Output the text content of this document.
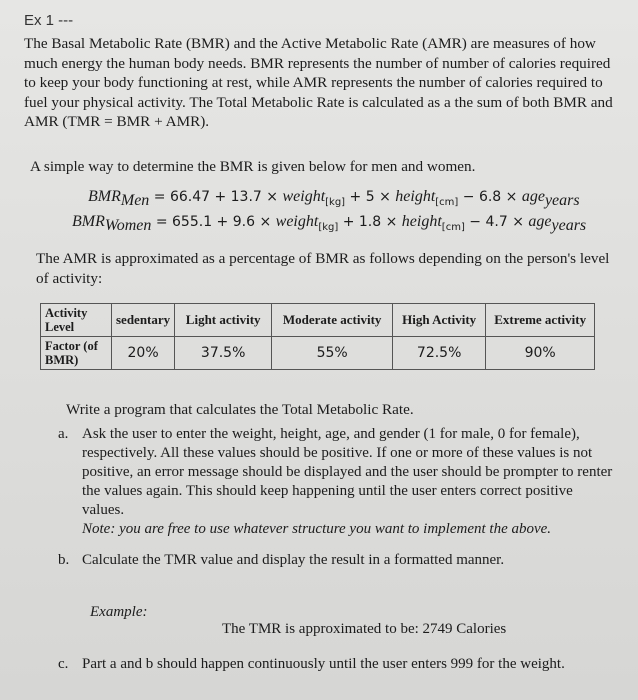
Ex 1 ---
The Basal Metabolic Rate (BMR) and the Active Metabolic Rate (AMR) are measures of how much energy the human body needs. BMR represents the number of number of calories required to keep your body functioning at rest, while AMR represents the number of calories required to fuel your physical activity. The Total Metabolic Rate is calculated as a the sum of both BMR and AMR (TMR = BMR + AMR).
A simple way to determine the BMR is given below for men and women.
$BMR_{Men} = 66.47 + 13.7$ × weight$_{[kg]}$ + 5 × height$_{[cm]}$ − 6.8 × age$_{years}$
$BMR_{Women} = 655.1 + 9.6$ × weight$_{[kg]}$ + 1.8 × height$_{[cm]}$ − 4.7 × age$_{years}$
The AMR is approximated as a percentage of BMR as follows depending on the person's level of activity:
Activity Level	sedentary	Light activity	Moderate activity	High Activity	Extreme activity
Factor (of BMR)	20%	37.5%	55%	72.5%	90%
Write a program that calculates the Total Metabolic Rate.
a. Ask the user to enter the weight, height, age, and gender (1 for male, 0 for female), respectively. All these values should be positive. If one or more of these values is not positive, an error message should be displayed and the user should be prompter to renter the values again. This should keep happening until the user enters correct positive values.
Note: you are free to use whatever structure you want to implement the above.
b. Calculate the TMR value and display the result in a formatted manner.
Example:
The TMR is approximated to be: 2749 Calories
c. Part a and b should happen continuously until the user enters 999 for the weight.
